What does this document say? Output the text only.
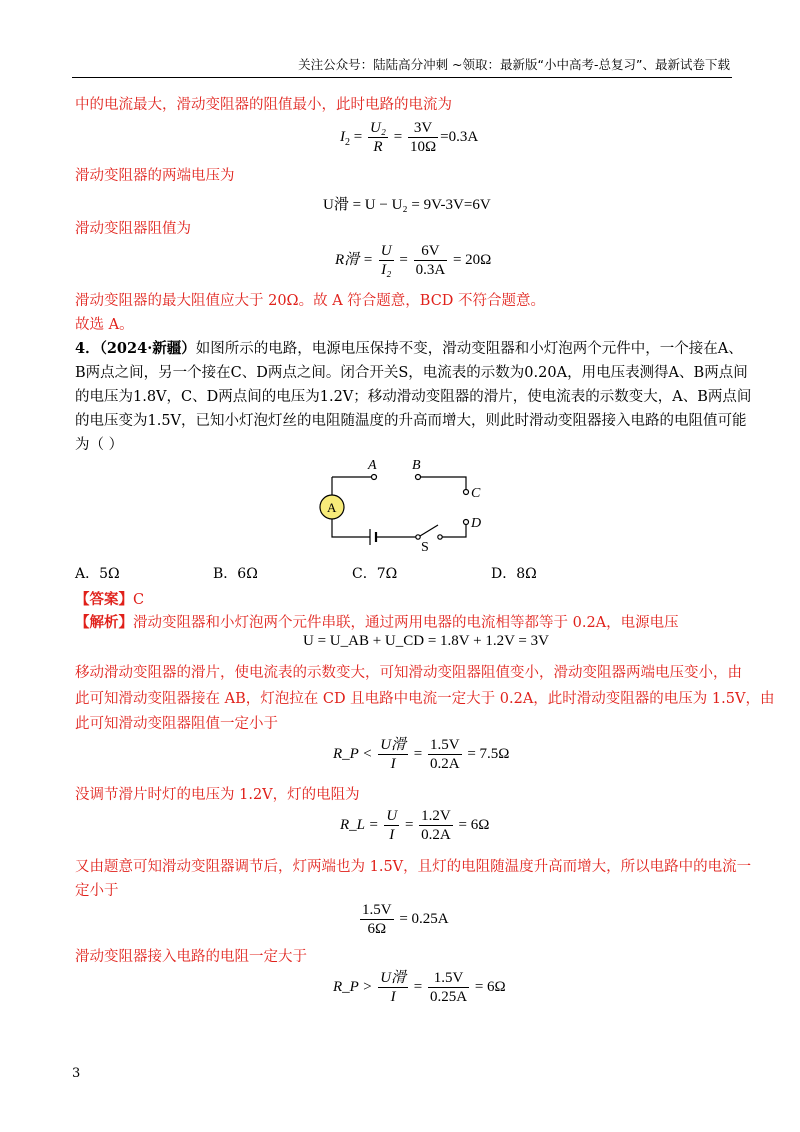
关注公众号：陆陆高分冲刺 ~领取：最新版“小中高考-总复习”、最新试卷下载
中的电流最大，滑动变阻器的阻值最小，此时电路的电流为
$I_2 = \frac{\text{U₂}}{R} = \frac{3V}{10\Omega} =0.3A$
滑动变阻器的两端电压为
U滑 = U − U₂ = 9V-3V=6V
滑动变阻器阻值为
R滑 = $\frac{U}{\text{I₂}} = \frac{6V}{0.3A} = 20\Omega$
滑动变阻器的最大阻值应大于 20Ω。故 A 符合题意，BCD 不符合题意。
故选 A。
4．（2024·新疆）如图所示的电路，电源电压保持不变，滑动变阻器和小灯泡两个元件中，一个接在A、
B两点之间，另一个接在C、D两点之间。闭合开关S，电流表的示数为0.20A，用电压表测得A、B两点间
的电压为1.8V，C、D两点间的电压为1.2V；移动滑动变阻器的滑片，使电流表的示数变大，A、B两点间
的电压变为1.5V，已知小灯泡灯丝的电阻随温度的升高而增大，则此时滑动变阻器接入电路的电阻值可能
为（ ）
A
A	B
C
D
S
A．5Ω	B．6Ω	C．7Ω	D．8Ω
【答案】C
【解析】滑动变阻器和小灯泡两个元件串联，通过两用电器的电流相等都等于 0.2A，电源电压
U = U_AB + U_CD = 1.8V + 1.2V = 3V
移动滑动变阻器的滑片，使电流表的示数变大，可知滑动变阻器阻值变小，滑动变阻器两端电压变小，由
此可知滑动变阻器接在 AB，灯泡拉在 CD 且电路中电流一定大于 0.2A，此时滑动变阻器的电压为 1.5V，由
此可知滑动变阻器阻值一定小于
R_P < $\frac{\text{U滑}}{I} = \frac{1.5V}{0.2A} = 7.5\Omega$
没调节滑片时灯的电压为 1.2V，灯的电阻为
R_L = $\frac{U}{I} = \frac{1.2V}{0.2A} = 6\Omega$
又由题意可知滑动变阻器调节后，灯两端也为 1.5V，且灯的电阻随温度升高而增大，所以电路中的电流一
定小于
$\frac{1.5V}{6\Omega} = 0.25A$
滑动变阻器接入电路的电阻一定大于
R_P > $\frac{\text{U滑}}{I} = \frac{1.5V}{0.25A} = 6\Omega$
3
